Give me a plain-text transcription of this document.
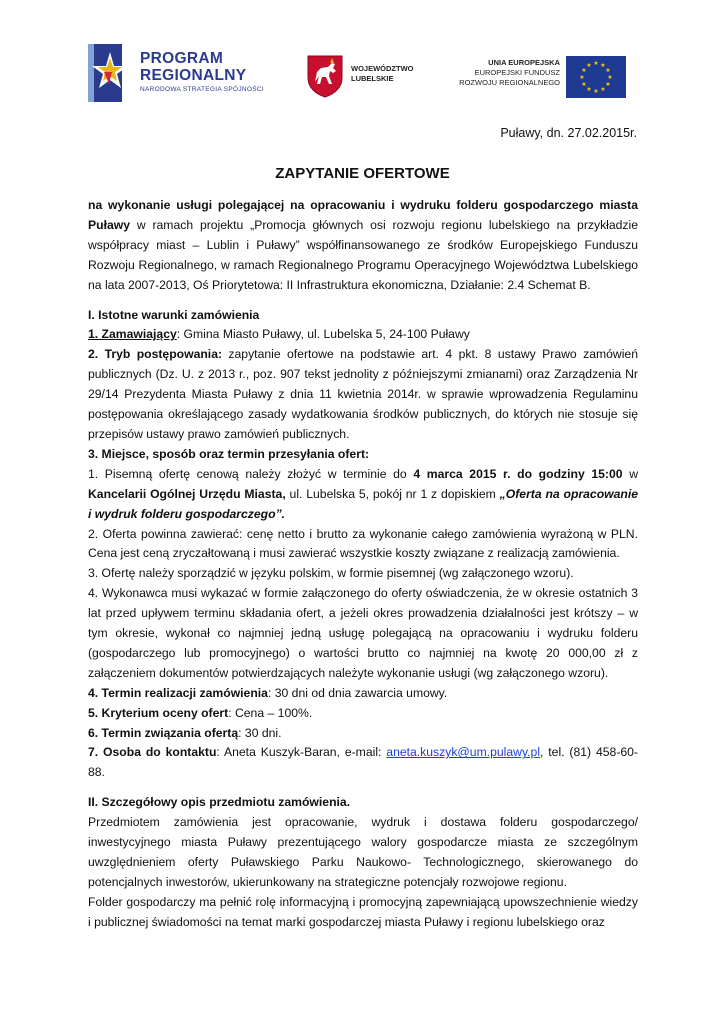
PROGRAM
REGIONALNY
NARODOWA STRATEGIA SPÓJNOŚCI
WOJEWÓDZTWO
LUBELSKIE
UNIA EUROPEJSKA
EUROPEJSKI FUNDUSZ
ROZWOJU REGIONALNEGO
★ ★
★
★
★
★
★
★
★
★
★
★
Puławy, dn. 27.02.2015r.
ZAPYTANIE OFERTOWE

na wykonanie usługi polegającej na opracowaniu i wydruku folderu gospodarczego miasta Puławy w ramach projektu „Promocja głównych osi rozwoju regionu lubelskiego na przykładzie współpracy miast – Lublin i Puławy” współfinansowanego ze środków Europejskiego Funduszu Rozwoju Regionalnego, w ramach Regionalnego Programu Operacyjnego Województwa Lubelskiego na lata 2007-2013, Oś Priorytetowa: II Infrastruktura ekonomiczna, Działanie: 2.4 Schemat B.

I. Istotne warunki zamówienia

1. Zamawiający: Gmina Miasto Puławy, ul. Lubelska 5, 24-100 Puławy

2. Tryb postępowania: zapytanie ofertowe na podstawie art. 4 pkt. 8 ustawy Prawo zamówień publicznych (Dz. U. z 2013 r., poz. 907 tekst jednolity z późniejszymi zmianami) oraz Zarządzenia Nr 29/14 Prezydenta Miasta Puławy z dnia 11 kwietnia 2014r. w sprawie wprowadzenia Regulaminu postępowania określającego zasady wydatkowania środków publicznych, do których nie stosuje się przepisów ustawy prawo zamówień publicznych.

3. Miejsce, sposób oraz termin przesyłania ofert:

1. Pisemną ofertę cenową należy złożyć w terminie do 4 marca 2015 r. do godziny 15:00 w Kancelarii Ogólnej Urzędu Miasta, ul. Lubelska 5, pokój nr 1 z dopiskiem „Oferta na opracowanie i wydruk folderu gospodarczego”.

2. Oferta powinna zawierać: cenę netto i brutto za wykonanie całego zamówienia wyrażoną w PLN. Cena jest ceną zryczałtowaną i musi zawierać wszystkie koszty związane z realizacją zamówienia.

3. Ofertę należy sporządzić w języku polskim, w formie pisemnej (wg załączonego wzoru).

4. Wykonawca musi wykazać w formie załączonego do oferty oświadczenia, że w okresie ostatnich 3 lat przed upływem terminu składania ofert, a jeżeli okres prowadzenia działalności jest krótszy – w tym okresie, wykonał co najmniej jedną usługę polegającą na opracowaniu i wydruku folderu (gospodarczego lub promocyjnego) o wartości brutto co najmniej na kwotę 20 000,00 zł z załączeniem dokumentów potwierdzających należyte wykonanie usługi (wg załączonego wzoru).

4. Termin realizacji zamówienia: 30 dni od dnia zawarcia umowy.

5. Kryterium oceny ofert: Cena – 100%.

6. Termin związania ofertą: 30 dni.

7. Osoba do kontaktu: Aneta Kuszyk-Baran, e-mail: aneta.kuszyk@um.pulawy.pl, tel. (81) 458-60-88.

II. Szczegółowy opis przedmiotu zamówienia.

Przedmiotem zamówienia jest opracowanie, wydruk i dostawa folderu gospodarczego/ inwestycyjnego miasta Puławy prezentującego walory gospodarcze miasta ze szczególnym uwzględnieniem oferty Puławskiego Parku Naukowo- Technologicznego, skierowanego do potencjalnych inwestorów, ukierunkowany na strategiczne potencjały rozwojowe regionu.

Folder gospodarczy ma pełnić rolę informacyjną i promocyjną zapewniającą upowszechnienie wiedzy i publicznej świadomości na temat marki gospodarczej miasta Puławy i regionu lubelskiego oraz
